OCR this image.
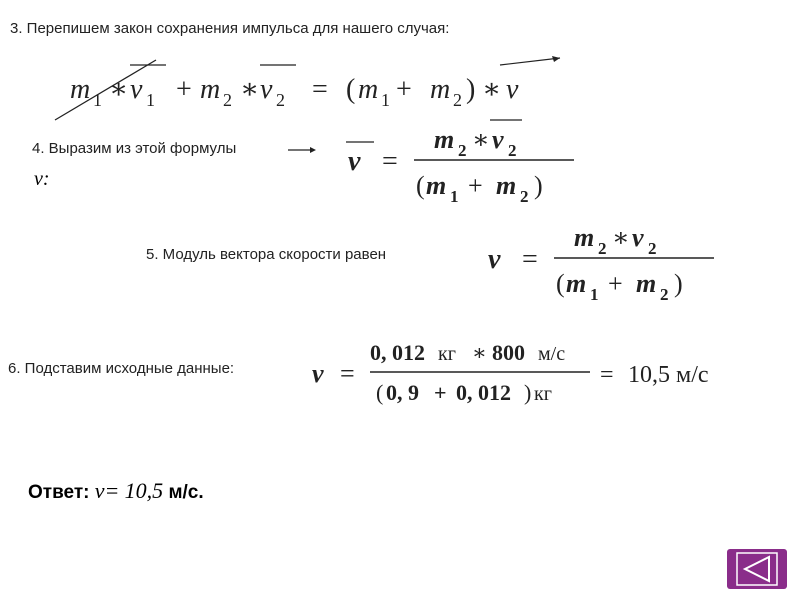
3. Перепишем закон сохранения импульса для нашего случая:
m 1 ∗ v 1 + m 2 ∗ v 2 = ( m 1 + m 2 ) ∗ v
4. Выразим из этой формулы
v:
v =
m 2 ∗ v 2
( m 1 + m 2 )
5. Модуль вектора скорости равен	v =
m 2 ∗ v 2
( m 1 + m 2 )
6. Подставим исходные данные:	v =
0, 012 кг ∗ 800 м/с
( 0, 9 + 0, 012 ) кг
= 10,5 м/с
Ответ: v= 10,5 м/с.
